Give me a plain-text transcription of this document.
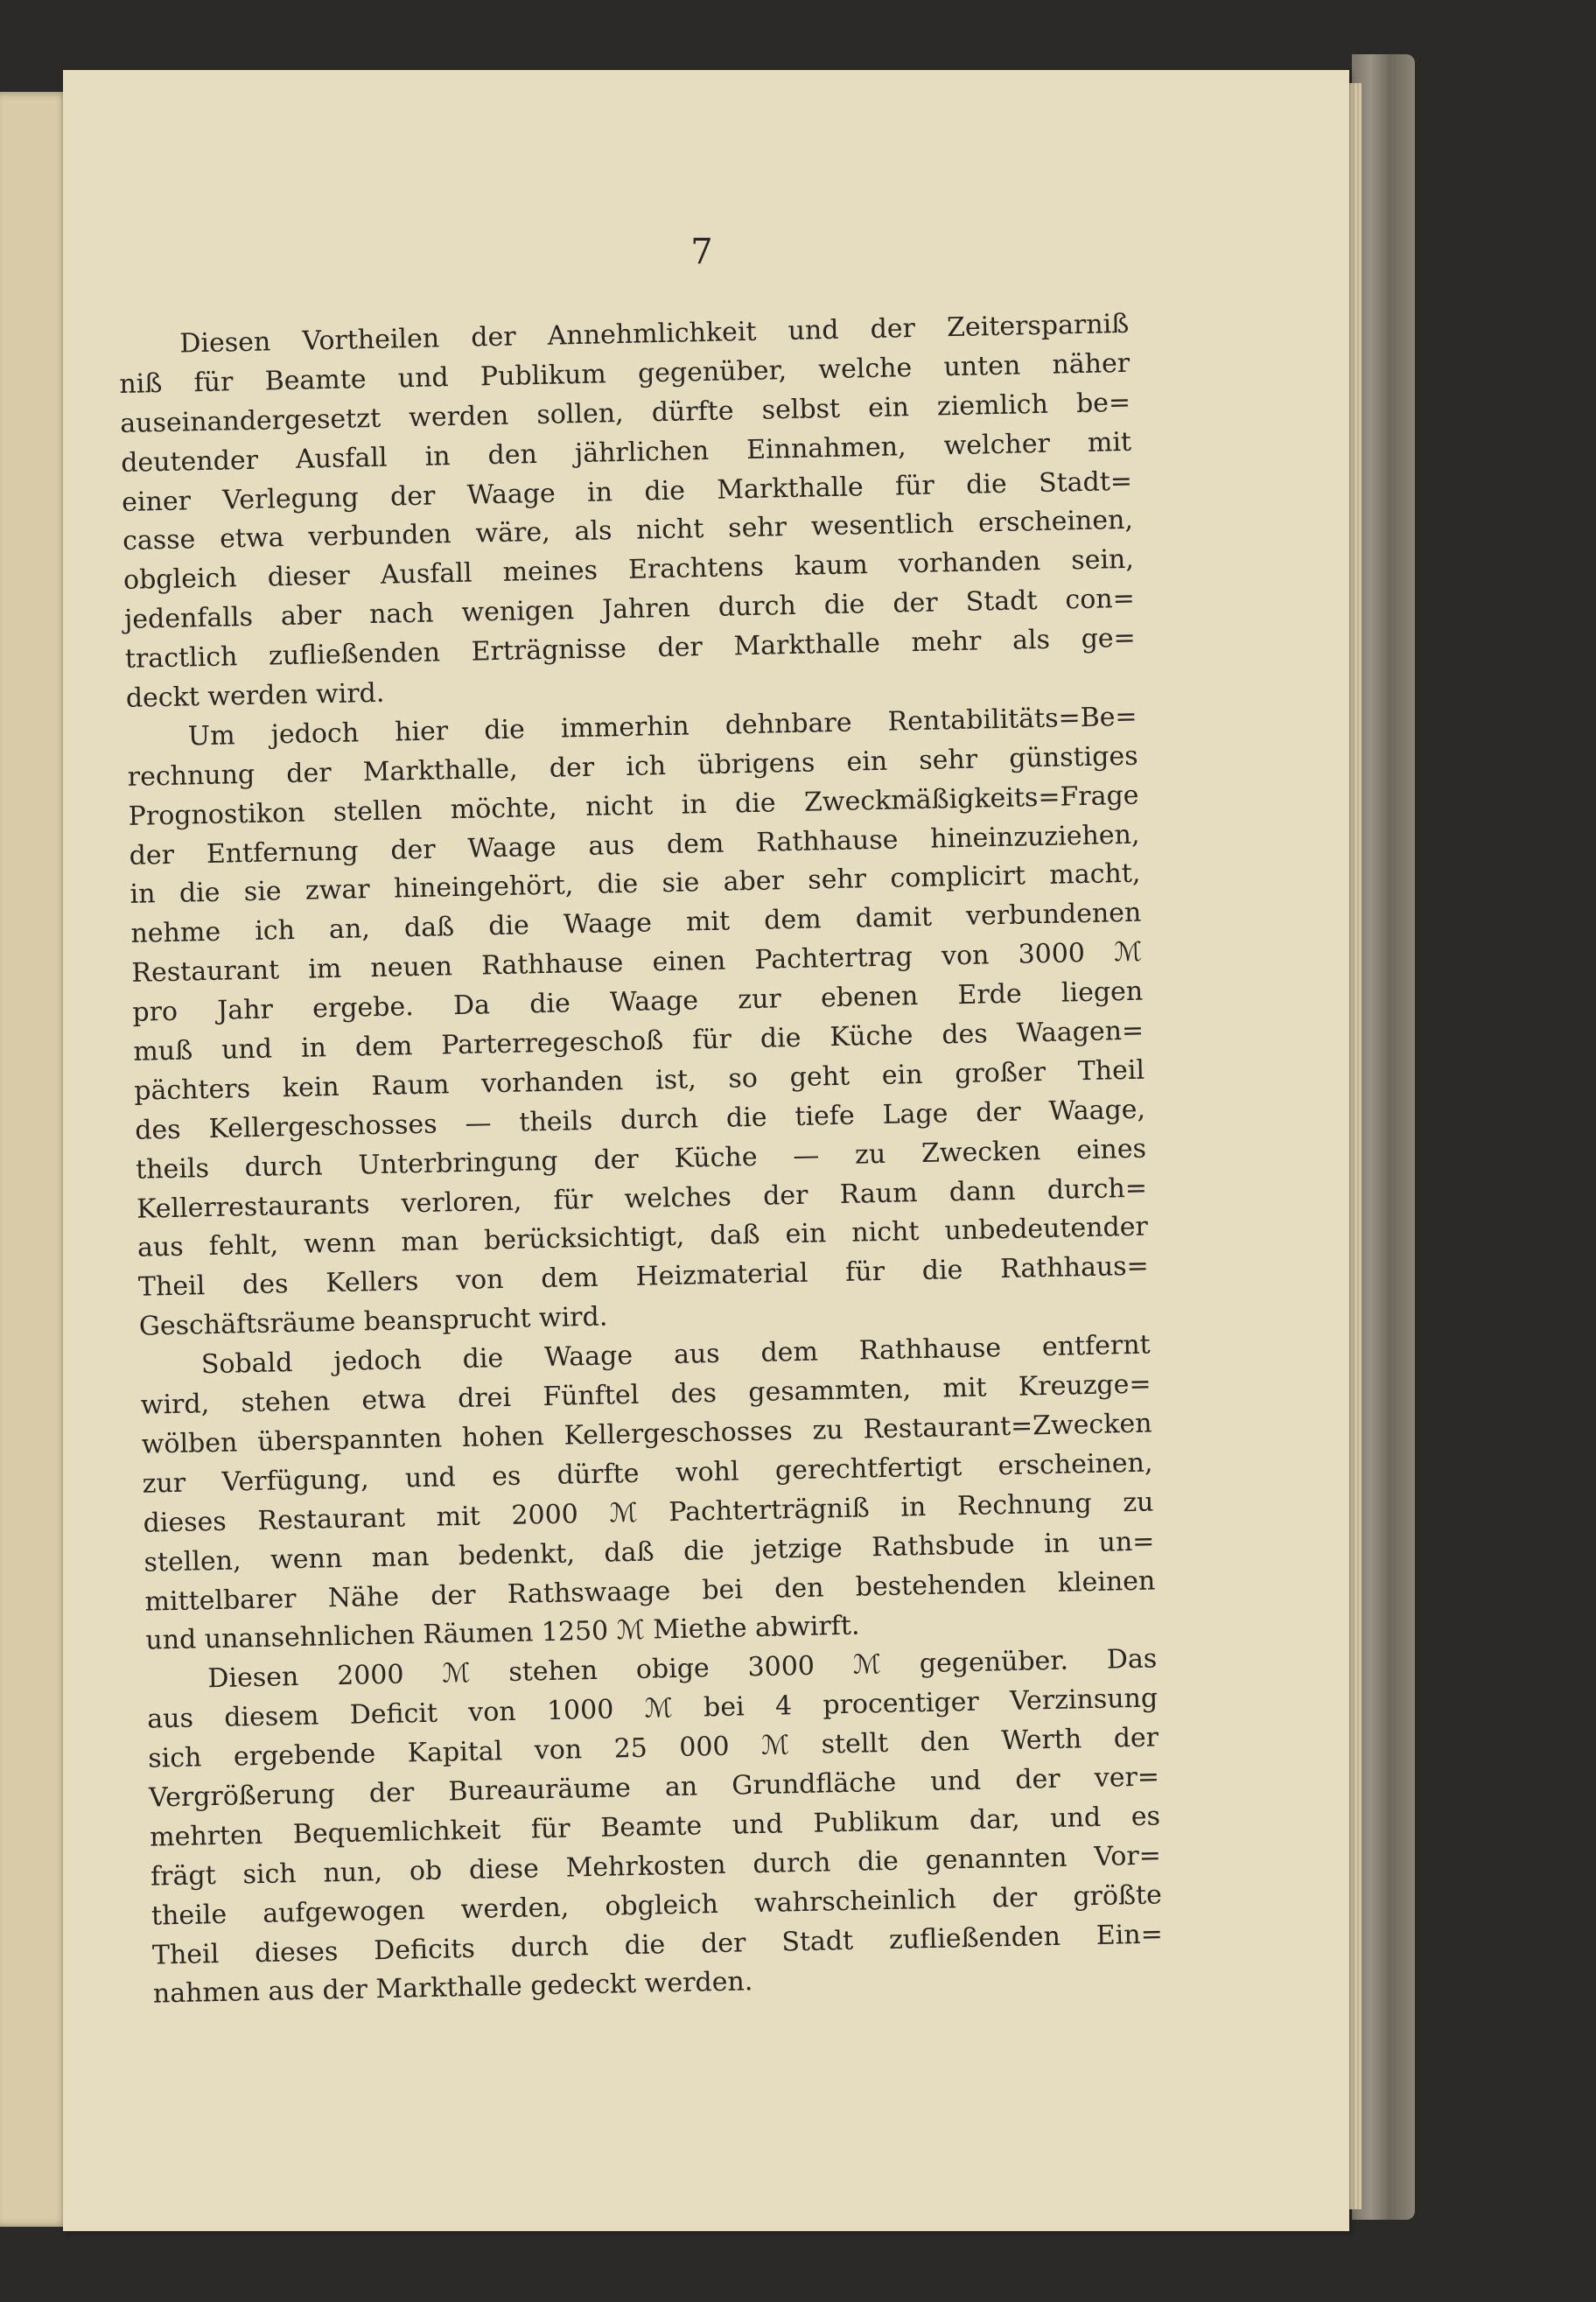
7
Diesen Vortheilen der Annehmlichkeit und der Zeitersparniß
niß für Beamte und Publikum gegenüber, welche unten näher
auseinandergesetzt werden sollen, dürfte selbst ein ziemlich be=
deutender Ausfall in den jährlichen Einnahmen, welcher mit
einer Verlegung der Waage in die Markthalle für die Stadt=
casse etwa verbunden wäre, als nicht sehr wesentlich erscheinen,
obgleich dieser Ausfall meines Erachtens kaum vorhanden sein,
jedenfalls aber nach wenigen Jahren durch die der Stadt con=
tractlich zufließenden Erträgnisse der Markthalle mehr als ge=
deckt werden wird.
Um jedoch hier die immerhin dehnbare Rentabilitäts=Be=
rechnung der Markthalle, der ich übrigens ein sehr günstiges
Prognostikon stellen möchte, nicht in die Zweckmäßigkeits=Frage
der Entfernung der Waage aus dem Rathhause hineinzuziehen,
in die sie zwar hineingehört, die sie aber sehr complicirt macht,
nehme ich an, daß die Waage mit dem damit verbundenen
Restaurant im neuen Rathhause einen Pachtertrag von 3000 ℳ
pro Jahr ergebe. Da die Waage zur ebenen Erde liegen
muß und in dem Parterregeschoß für die Küche des Waagen=
pächters kein Raum vorhanden ist, so geht ein großer Theil
des Kellergeschosses — theils durch die tiefe Lage der Waage,
theils durch Unterbringung der Küche — zu Zwecken eines
Kellerrestaurants verloren, für welches der Raum dann durch=
aus fehlt, wenn man berücksichtigt, daß ein nicht unbedeutender
Theil des Kellers von dem Heizmaterial für die Rathhaus=
Geschäftsräume beansprucht wird.
Sobald jedoch die Waage aus dem Rathhause entfernt
wird, stehen etwa drei Fünftel des gesammten, mit Kreuzge=
wölben überspannten hohen Kellergeschosses zu Restaurant=Zwecken
zur Verfügung, und es dürfte wohl gerechtfertigt erscheinen,
dieses Restaurant mit 2000 ℳ Pachterträgniß in Rechnung zu
stellen, wenn man bedenkt, daß die jetzige Rathsbude in un=
mittelbarer Nähe der Rathswaage bei den bestehenden kleinen
und unansehnlichen Räumen 1250 ℳ Miethe abwirft.
Diesen 2000 ℳ stehen obige 3000 ℳ gegenüber. Das
aus diesem Deficit von 1000 ℳ bei 4 procentiger Verzinsung
sich ergebende Kapital von 25 000 ℳ stellt den Werth der
Vergrößerung der Bureauräume an Grundfläche und der ver=
mehrten Bequemlichkeit für Beamte und Publikum dar, und es
frägt sich nun, ob diese Mehrkosten durch die genannten Vor=
theile aufgewogen werden, obgleich wahrscheinlich der größte
Theil dieses Deficits durch die der Stadt zufließenden Ein=
nahmen aus der Markthalle gedeckt werden.
